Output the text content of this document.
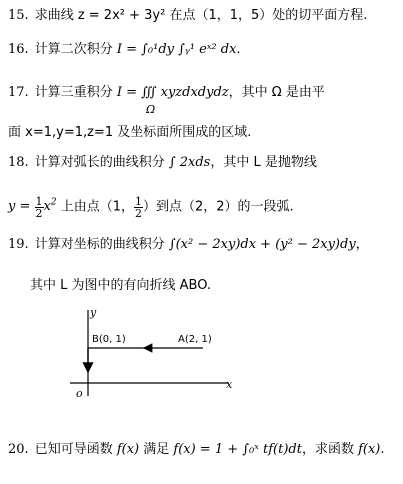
15. 求曲线 z = 2x² + 3y² 在点（1，1，5）处的切平面方程.
16. 计算二次积分 I = ∫₀¹dy ∫ᵧ¹ eˣ² dx.
17. 计算三重积分 I = ∭ xyzdxdydz，其中 Ω 是由平
Ω
面 x=1,y=1,z=1 及坐标面所围成的区域.
18. 计算对弧长的曲线积分 ∫ 2xds，其中 L 是抛物线
$y = \frac{1}{2} x^2$ 上由点（1， $\frac{1}{2}$ ）到点（2，2）的一段弧.
19. 计算对坐标的曲线积分 ∫(x² − 2xy)dx + (y² − 2xy)dy，
其中 L 为图中的有向折线 ABO.
y
x
o
B(0, 1)	A(2, 1)
20. 已知可导函数 f(x) 满足 f(x) = 1 + ∫₀ˣ tf(t)dt，求函数 f(x).
